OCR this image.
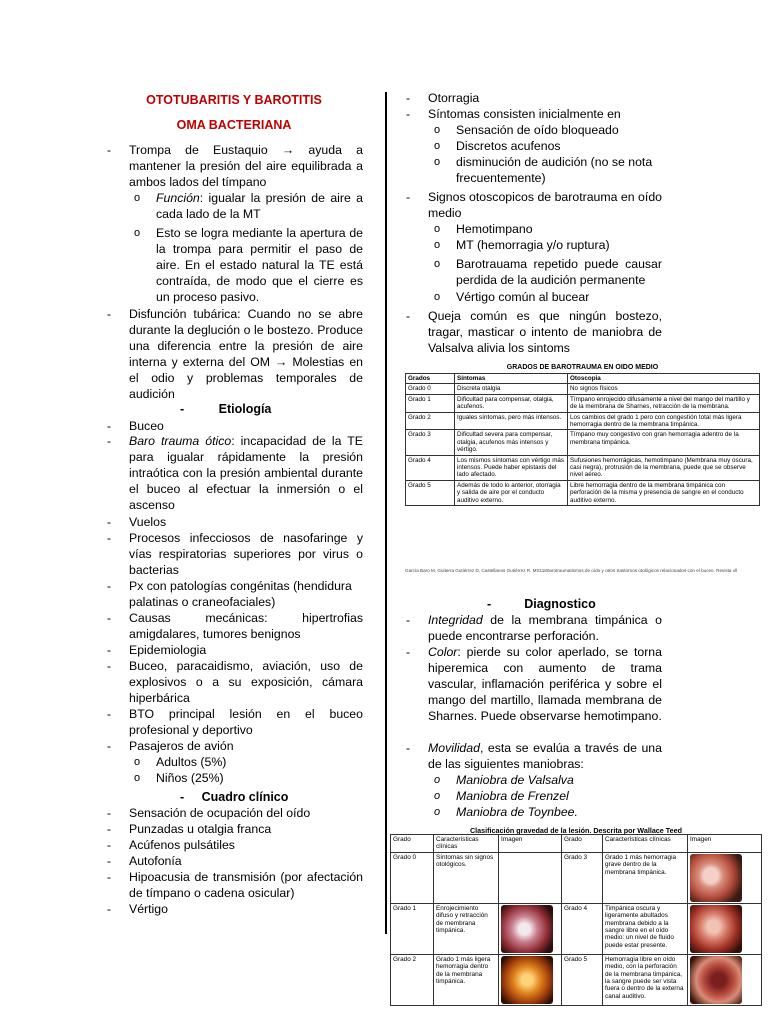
OTOTUBARITIS Y BAROTITIS
OMA BACTERIANA
- Trompa de Eustaquio → ayuda a mantener la presión del aire equilibrada a ambos lados del tímpano
o Función: igualar la presión de aire a cada lado de la MT
o Esto se logra mediante la apertura de la trompa para permitir el paso de aire. En el estado natural la TE está contraída, de modo que el cierre es un proceso pasivo.
- Disfunción tubárica: Cuando no se abre durante la deglución o le bostezo. Produce una diferencia entre la presión de aire interna y externa del OM → Molestias en el odio y problemas temporales de audición
-	Etiología
- Buceo
- Baro trauma ótico: incapacidad de la TE para igualar rápidamente la presión intraótica con la presión ambiental durante el buceo al efectuar la inmersión o el ascenso
- Vuelos
- Procesos infecciosos de nasofaringe y vías respiratorias superiores por virus o bacterias
- Px con patologías congénitas (hendidura palatinas o craneofaciales)
- Causas mecánicas: hipertrofias amigdalares, tumores benignos
- Epidemiologia
- Buceo, paracaidismo, aviación, uso de explosivos o a su exposición, cámara hiperbárica
- BTO principal lesión en el buceo profesional y deportivo
- Pasajeros de avión
o Adultos (5%)
o Niños (25%)
- Cuadro clínico
- Sensación de ocupación del oído
- Punzadas u otalgia franca
- Acúfenos pulsátiles
- Autofonía
- Hipoacusia de transmisión (por afectación de tímpano o cadena osicular)
- Vértigo
- Otorragia
- Síntomas consisten inicialmente en
o Sensación de oído bloqueado
o Discretos acufenos
o disminución de audición (no se nota frecuentemente)
- Signos otoscopicos de barotrauma en oído medio
o Hemotimpano
o MT (hemorragia y/o ruptura)
o Barotrauama repetido puede causar perdida de la audición permanente
o Vértigo común al bucear
- Queja común es que ningún bostezo, tragar, masticar o intento de maniobra de Valsalva alivia los sintoms
GRADOS DE BAROTRAUMA EN OIDO MEDIO
Grados	Síntomas	Otoscopia
Grado 0	Discreta otalgia	No signos físicos
Grado 1	Dificultad para compensar, otalgia, acufenos.	Tímpano enrojecido difusamente a nivel del mango del martillo y de la membrana de Sharnes, retracción de la membrana.
Grado 2	Iguales síntomas, pero más intensos.	Los cambios del grado 1 pero con congestión total más ligera hemorragia dentro de la membrana timpánica.
Grado 3	Dificultad severa para compensar, otalgia, acufenos más intensos y vértigo.	Tímpano muy congestivo con gran hemorragia adentro de la membrana timpánica.
Grado 4	Los mismos síntomas con vértigo más intensos. Puede haber epistaxis del lado afectado.	Sufusiones hemorrágicas, hemotimpano (Membrana muy oscura, casi negra), protrusión de la membrana, puede que se observe nivel aéreo.
Grado 5	Además de todo lo anterior, otorragia y salida de aire por el conducto auditivo externo.	Libre hemorragia dentro de la membrana timpánica con perforación de la misma y presencia de sangre en el conducto auditivo externo.
García Baro M, Guiterra Gutiérrez D, Castellanos Gutiérrez R. MS1180arotraumatismos de oído y otros trastornos otológicos relacionados con el buceo. Revista vll
-	Diagnostico
- Integridad de la membrana timpánica o puede encontrarse perforación.
- Color: pierde su color aperlado, se torna hiperemica con aumento de trama vascular, inflamación periférica y sobre el mango del martillo, llamada membrana de Sharnes. Puede observarse hemotimpano.
- Movilidad, esta se evalúa a través de una de las siguientes maniobras:
o Maniobra de Valsalva
o Maniobra de Frenzel
o Maniobra de Toynbee.
Clasificación gravedad de la lesión. Descrita por Wallace Teed
Grado	Características clínicas	Imagen	Grado	Características clínicas	Imagen
Grado 0	Síntomas sin signos otológicos.		Grado 3	Grado 1 más hemorragia grave dentro de la membrana timpánica.	

Grado 1	Enrojecimiento difuso y retracción de membrana timpánica.		Grado 4	Timpánica oscura y ligeramente abultados membrana debido a la sangre libre en el oído medio: un nivel de fluido puede estar presente.	

Grado 2	Grado 1 más ligera hemorragia dentro de la membrana timpánica.		Grado 5	Hemorragia libre en oído medio, con la perforación de la membrana timpánica, la sangre puede ser vista fuera o dentro de la externa canal auditivo.	
